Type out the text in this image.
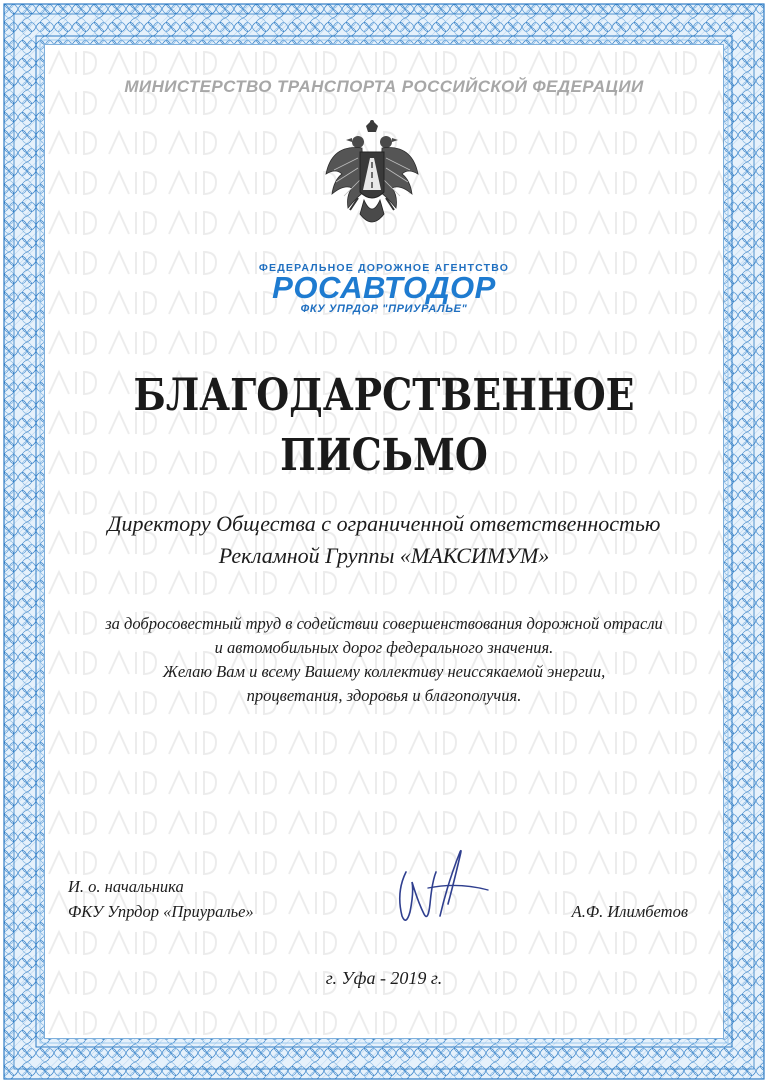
МИНИСТЕРСТВО ТРАНСПОРТА РОССИЙСКОЙ ФЕДЕРАЦИИ
ФЕДЕРАЛЬНОЕ ДОРОЖНОЕ АГЕНТСТВО
РОСАВТОДОР
ФКУ УПРДОР "ПРИУРАЛЬЕ"
БЛАГОДАРСТВЕННОЕ
ПИСЬМО
Директору Общества с ограниченной ответственностью
Рекламной Группы «МАКСИМУМ»
за добросовестный труд в содействии совершенствования дорожной отрасли
и автомобильных дорог федерального значения.
Желаю Вам и всему Вашему коллективу неиссякаемой энергии,
процветания, здоровья и благополучия.
И. о. начальника
ФКУ Упрдор «Приуралье»	А.Ф. Илимбетов
г. Уфа - 2019 г.
